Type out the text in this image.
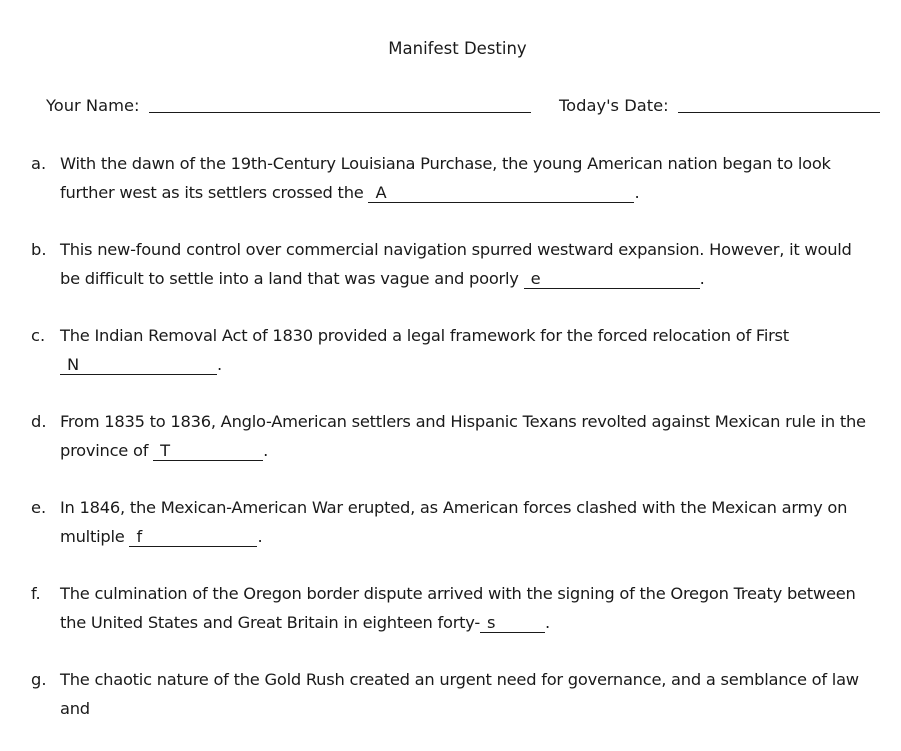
Manifest Destiny
Your Name:	Today's Date:
a. With the dawn of the 19th-Century Louisiana Purchase, the young American nation began to look further west as its settlers crossed the A	.
b. This new-found control over commercial navigation spurred westward expansion. However, it would be difficult to settle into a land that was vague and poorly e	.
c. The Indian Removal Act of 1830 provided a legal framework for the forced relocation of First N	.
d. From 1835 to 1836, Anglo-American settlers and Hispanic Texans revolted against Mexican rule in the province of T	.
e. In 1846, the Mexican-American War erupted, as American forces clashed with the Mexican army on multiple f	.
f. The culmination of the Oregon border dispute arrived with the signing of the Oregon Treaty between the United States and Great Britain in eighteen forty- s	.
g. The chaotic nature of the Gold Rush created an urgent need for governance, and a semblance of law and
